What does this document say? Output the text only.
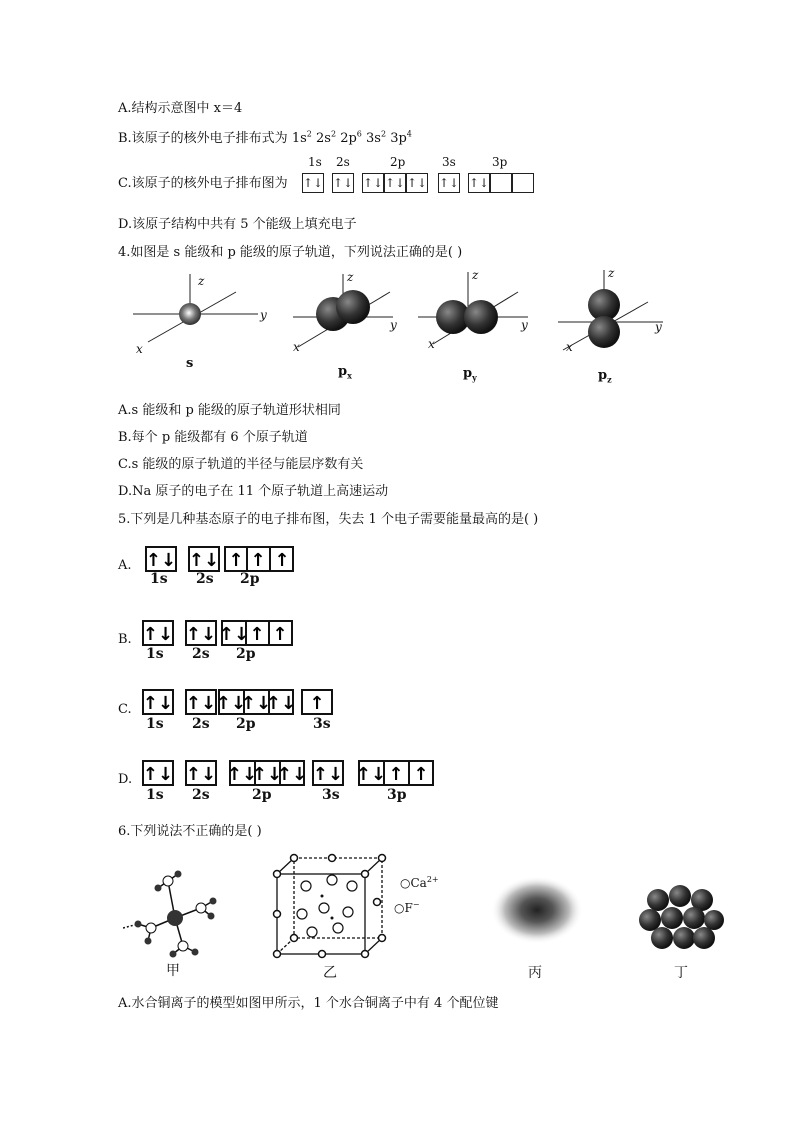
A.结构示意图中 x＝4
B.该原子的核外电子排布式为 $1s^2$ $2s^2$ $2p^6$ $3s^2$ $3p^4$
C.该原子的核外电子排布图为
1s 2s	2p	3s	3p
↑↓ ↑↓ ↑↓ ↑↓ ↑↓ ↑↓ ↑↓
D.该原子结构中共有 5 个能级上填充电子
4.如图是 s 能级和 p 能级的原子轨道，下列说法正确的是( )
z
y
x
z
y
x
z
y
x
z
y
x
s
$p_x$	$p_y$	$p_z$
A.s 能级和 p 能级的原子轨道形状相同
B.每个 p 能级都有 6 个原子轨道
C.s 能级的原子轨道的半径与能层序数有关
D.Na 原子的电子在 11 个原子轨道上高速运动
5.下列是几种基态原子的电子排布图，失去 1 个电子需要能量最高的是( )
A. ↑↓ ↑↓ ↑ ↑ ↑
1s 2s 2p
B. ↑↓ ↑↓ ↑↓ ↑ ↑
1s 2s 2p
C. ↑↓ ↑↓ ↑↓
↑↓
↑↓ ↑
1s 2s 2p	3s
D. ↑↓ ↑↓ ↑↓
↑↓
↑↓ ↑↓ ↑↓ ↑ ↑
1s 2s	2p	3s	3p
6.下列说法不正确的是( )
甲
$○Ca^{2+}$
○F−
乙	丙	丁
A.水合铜离子的模型如图甲所示，1 个水合铜离子中有 4 个配位键
